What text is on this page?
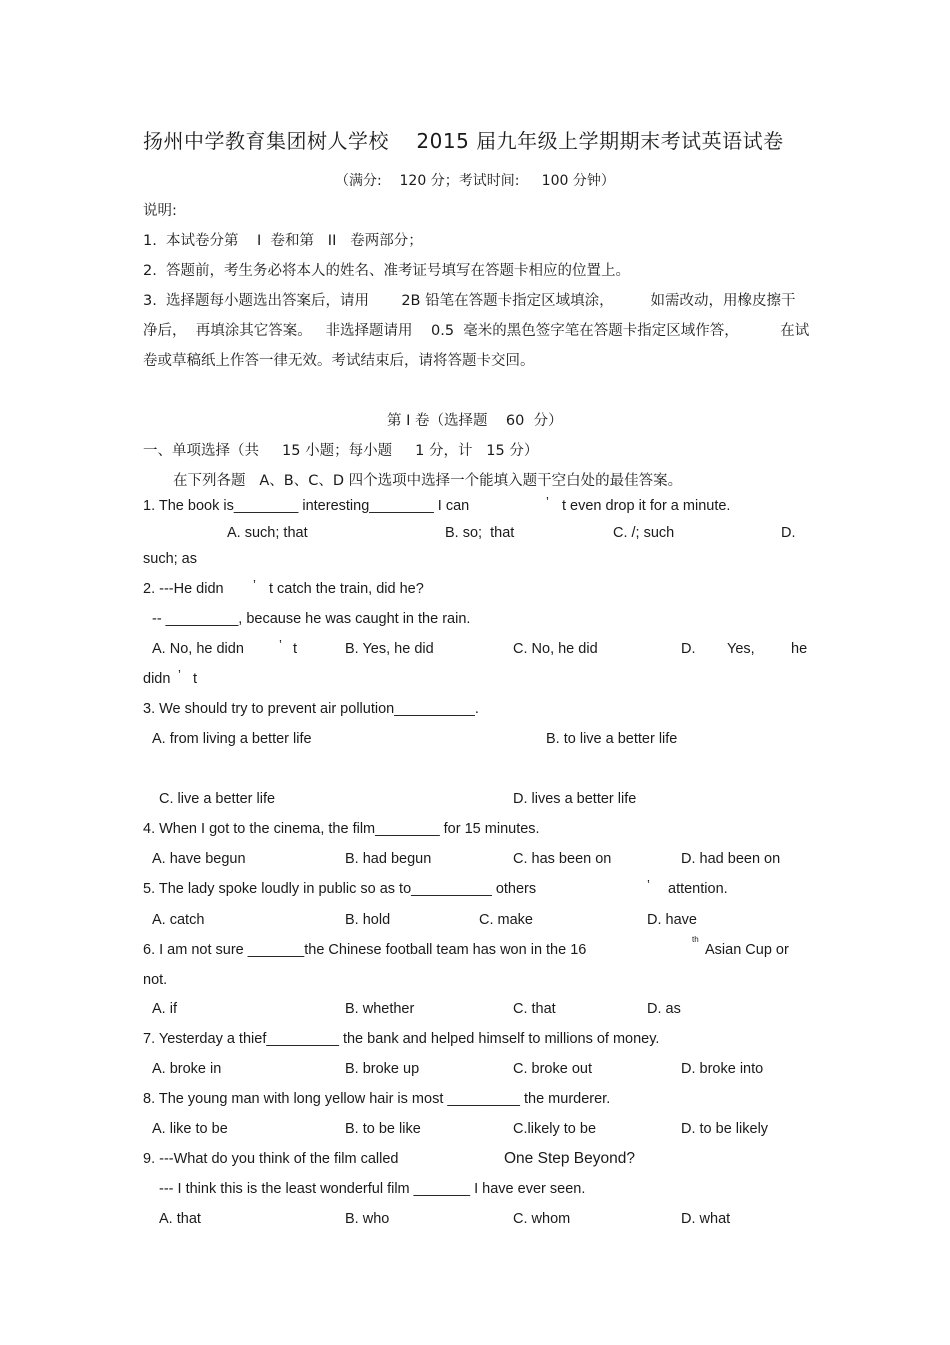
扬州中学教育集团树人学校    2015 届九年级上学期期末考试英语试卷
（满分:    120 分；考试时间:     100 分钟）
说明:
1.  本试卷分第    I  卷和第   II   卷两部分；
2.  答题前，考生务必将本人的姓名、准考证号填写在答题卡相应的位置上。
3.  选择题每小题选出答案后，请用       2B 铅笔在答题卡指定区域填涂，        如需改动，用橡皮擦干
净后，  再填涂其它答案。   非选择题请用    0.5  毫米的黑色签字笔在答题卡指定区域作答，         在试
卷或草稿纸上作答一律无效。考试结束后，请将答题卡交回。
第 I 卷（选择题    60  分）
一、单项选择（共     15 小题；每小题     1 分，计   15 分）
在下列各题   A、B、C、D 四个选项中选择一个能填入题干空白处的最佳答案。
1. The book is________ interesting________ I can	’ t even drop it for a minute.
A. such; that	B. so;  that	C. /; such	D.
such; as
2. ---He didn ’ t catch the train, did he?
-- _________, because he was caught in the rain.
A. No, he didn	’ t	B. Yes, he did	C. No, he did	D. Yes,	he
didn ’ t
3. We should try to prevent air pollution__________.
A. from living a better life	B. to live a better life
C. live a better life	D. lives a better life
4. When I got to the cinema, the film________ for 15 minutes.
A. have begun	B. had begun	C. has been on	D. had been on
5. The lady spoke loudly in public so as to__________ others	’ attention.
A. catch	B. hold	C. make	D. have
6. I am not sure _______the Chinese football team has won in the 16
th
Asian Cup or
not.
A. if	B. whether	C. that	D. as
7. Yesterday a thief_________ the bank and helped himself to millions of money.
A. broke in	B. broke up	C. broke out	D. broke into
8. The young man with long yellow hair is most _________ the murderer.
A. like to be	B. to be like	C.likely to be	D. to be likely
9. ---What do you think of the film called	One Step Beyond?
--- I think this is the least wonderful film _______ I have ever seen.
A. that	B. who	C. whom	D. what
